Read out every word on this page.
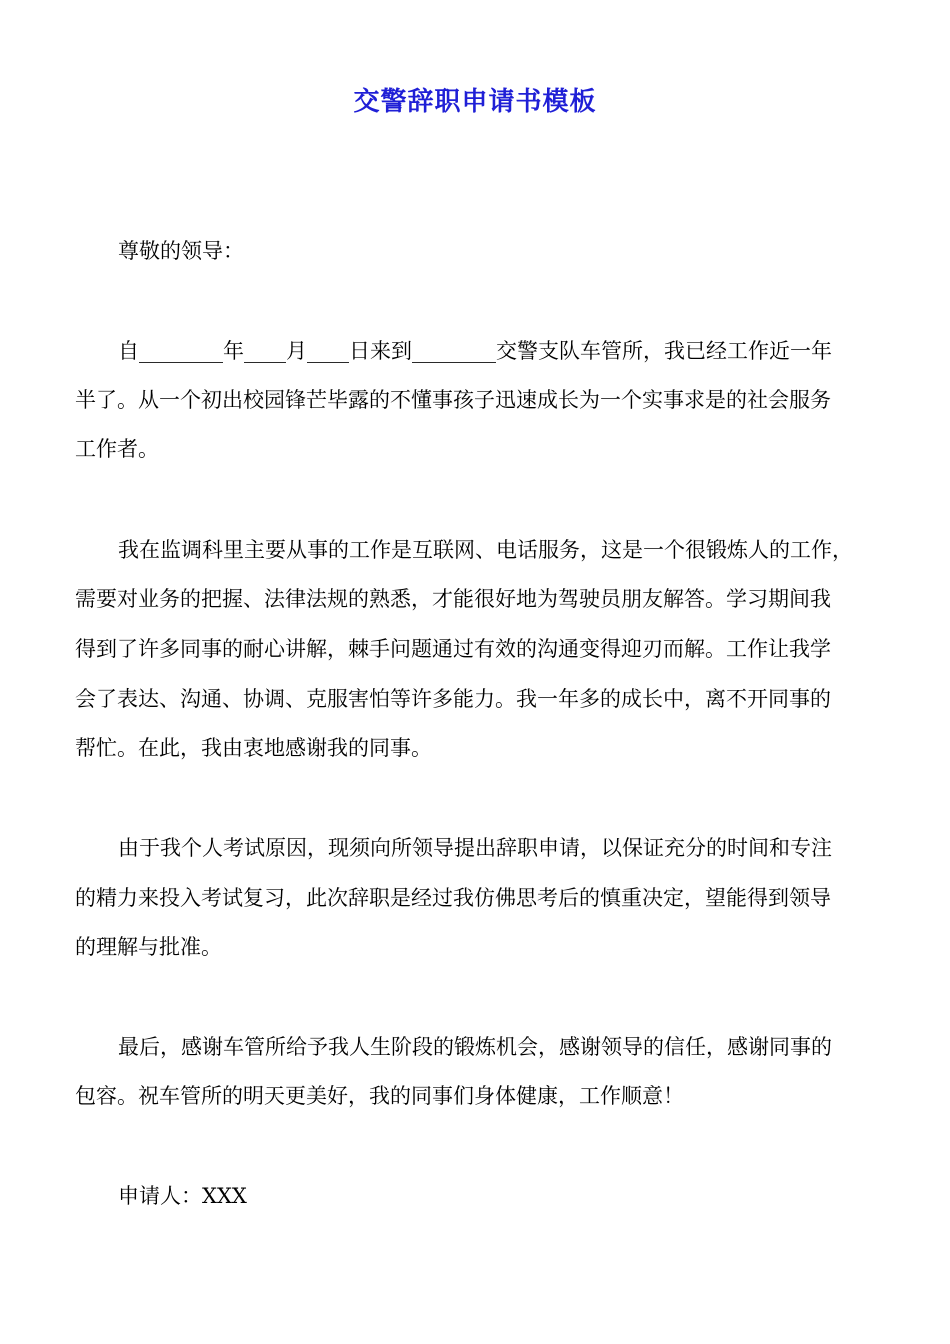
交警辞职申请书模板
尊敬的领导：
自________年____月____日来到________交警支队车管所，我已经工作近一年
半了。从一个初出校园锋芒毕露的不懂事孩子迅速成长为一个实事求是的社会服务
工作者。
我在监调科里主要从事的工作是互联网、电话服务，这是一个很锻炼人的工作，
需要对业务的把握、法律法规的熟悉，才能很好地为驾驶员朋友解答。学习期间我
得到了许多同事的耐心讲解，棘手问题通过有效的沟通变得迎刃而解。工作让我学
会了表达、沟通、协调、克服害怕等许多能力。我一年多的成长中，离不开同事的
帮忙。在此，我由衷地感谢我的同事。
由于我个人考试原因，现须向所领导提出辞职申请，以保证充分的时间和专注
的精力来投入考试复习，此次辞职是经过我仿佛思考后的慎重决定，望能得到领导
的理解与批准。
最后，感谢车管所给予我人生阶段的锻炼机会，感谢领导的信任，感谢同事的
包容。祝车管所的明天更美好，我的同事们身体健康，工作顺意！
申请人：XXX
